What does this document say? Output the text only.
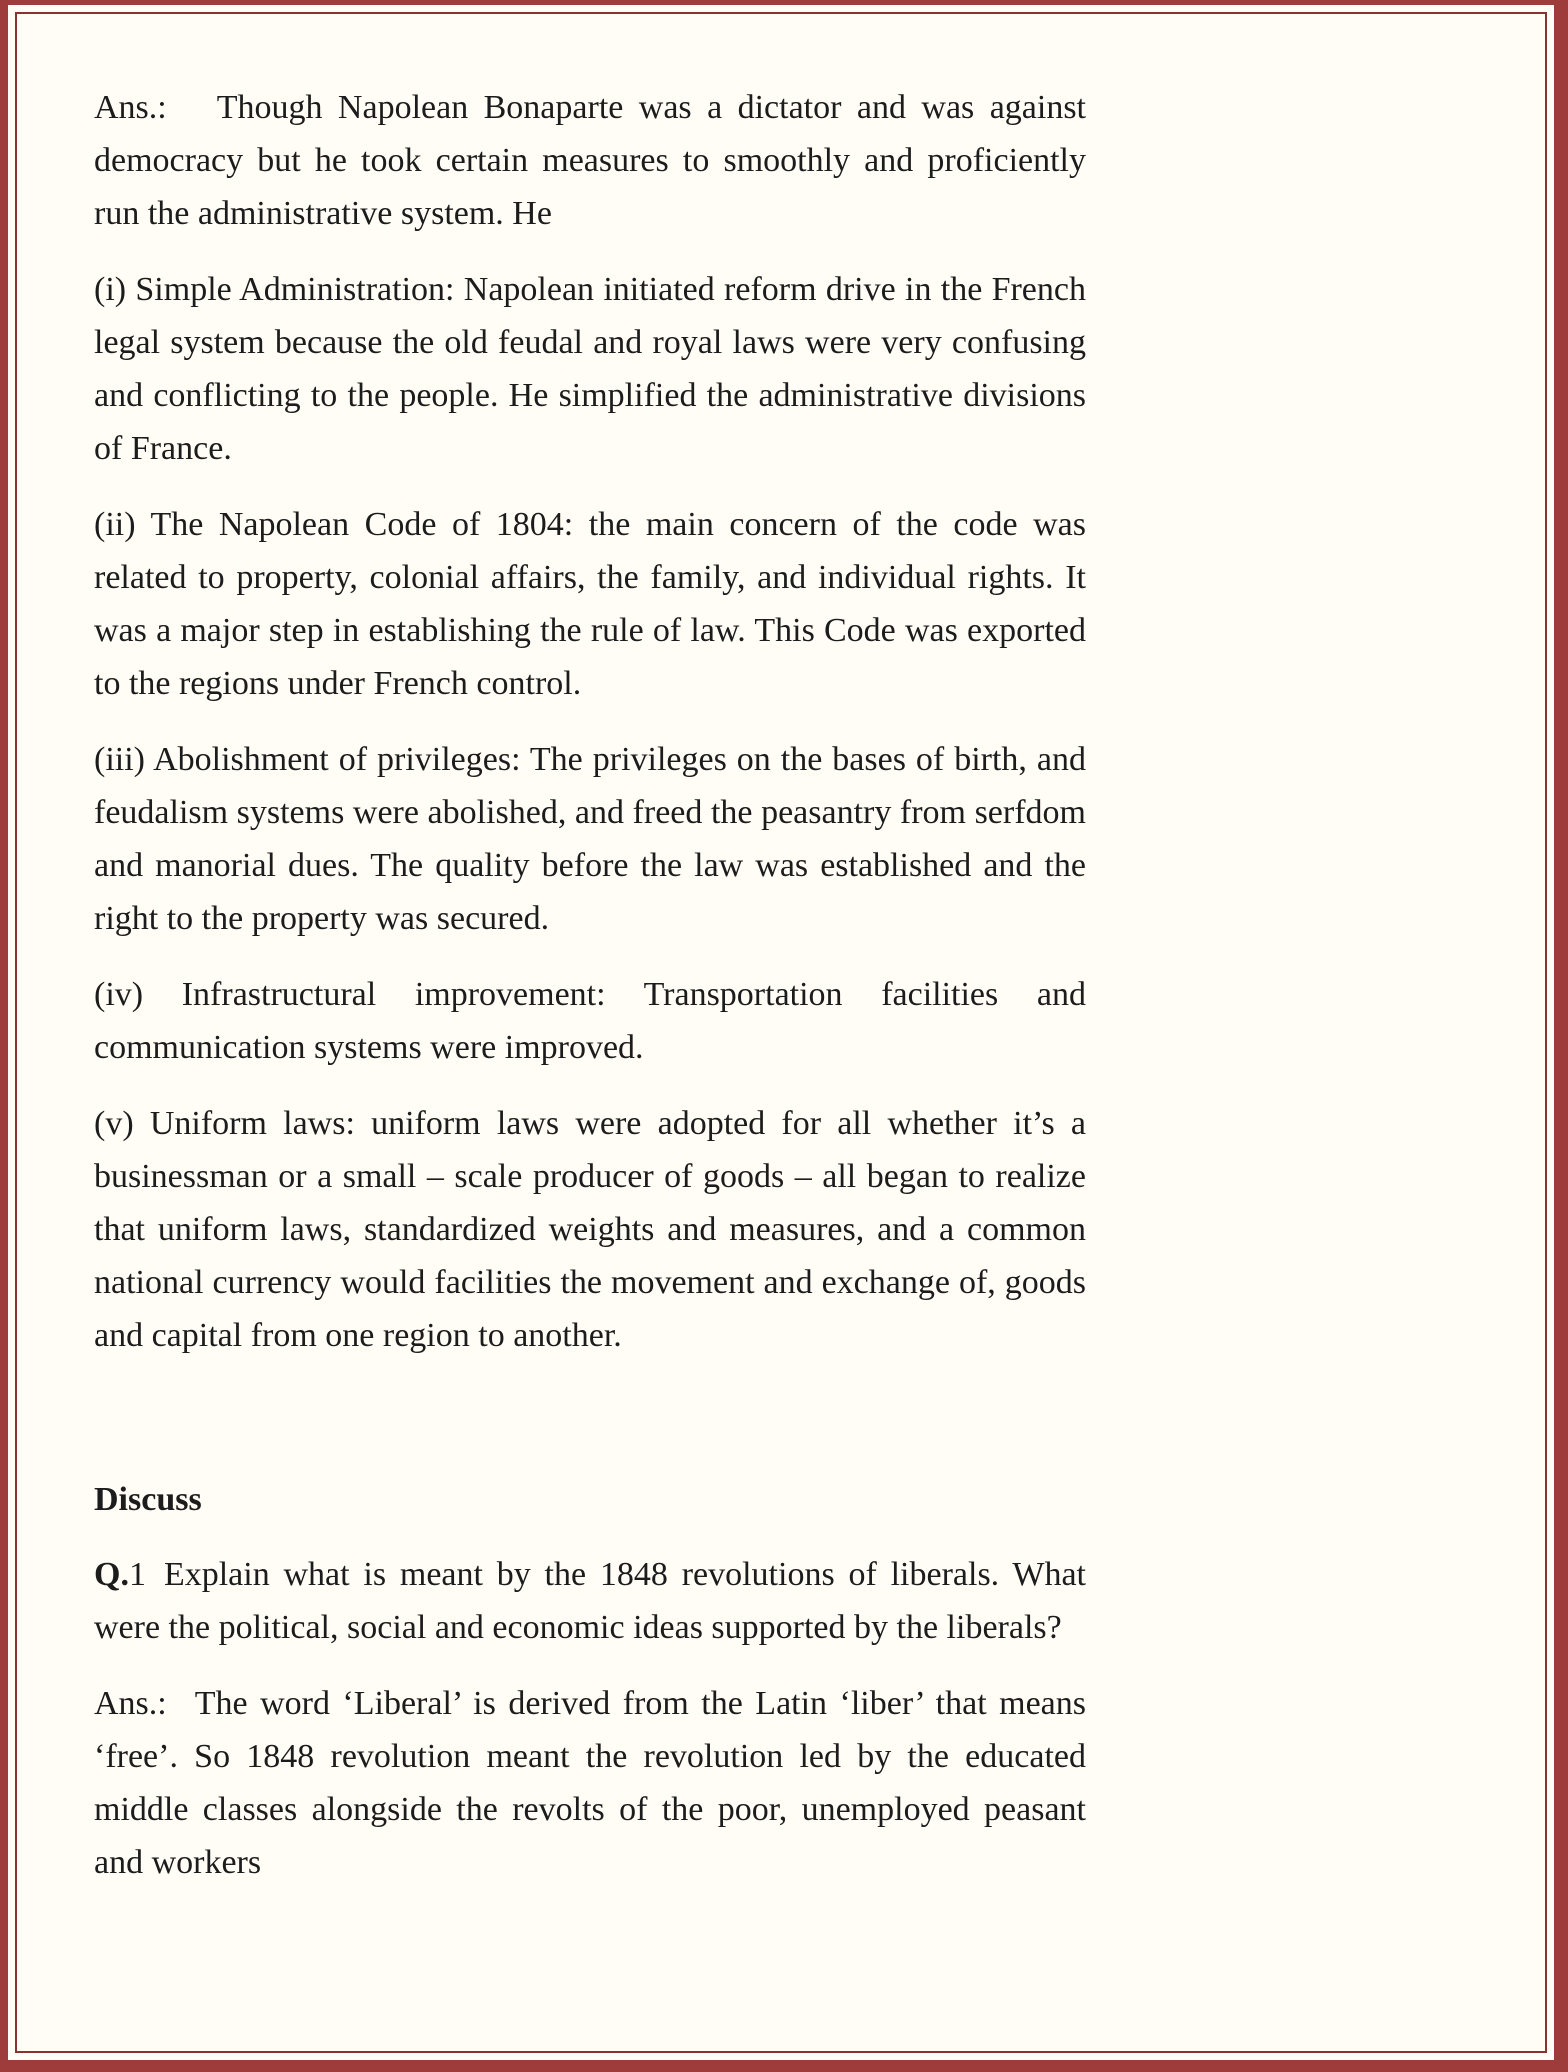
Ans.: Though Napolean Bonaparte was a dictator and was against democracy but he took certain measures to smoothly and proficiently run the administrative system. He

(i) Simple Administration: Napolean initiated reform drive in the French legal system because the old feudal and royal laws were very confusing and conflicting to the people. He simplified the administrative divisions of France.

(ii) The Napolean Code of 1804: the main concern of the code was related to property, colonial affairs, the family, and individual rights. It was a major step in establishing the rule of law. This Code was exported to the regions under French control.

(iii) Abolishment of privileges: The privileges on the bases of birth, and feudalism systems were abolished, and freed the peasantry from serfdom and manorial dues. The quality before the law was established and the right to the property was secured.

(iv) Infrastructural improvement: Transportation facilities and communication systems were improved.

(v) Uniform laws: uniform laws were adopted for all whether it’s a businessman or a small – scale producer of goods – all began to realize that uniform laws, standardized weights and measures, and a common national currency would facilities the movement and exchange of, goods and capital from one region to another.

Discuss

Q.1 Explain what is meant by the 1848 revolutions of liberals. What were the political, social and economic ideas supported by the liberals?

Ans.: The word ‘Liberal’ is derived from the Latin ‘liber’ that means ‘free’. So 1848 revolution meant the revolution led by the educated middle classes alongside the revolts of the poor, unemployed peasant and workers
